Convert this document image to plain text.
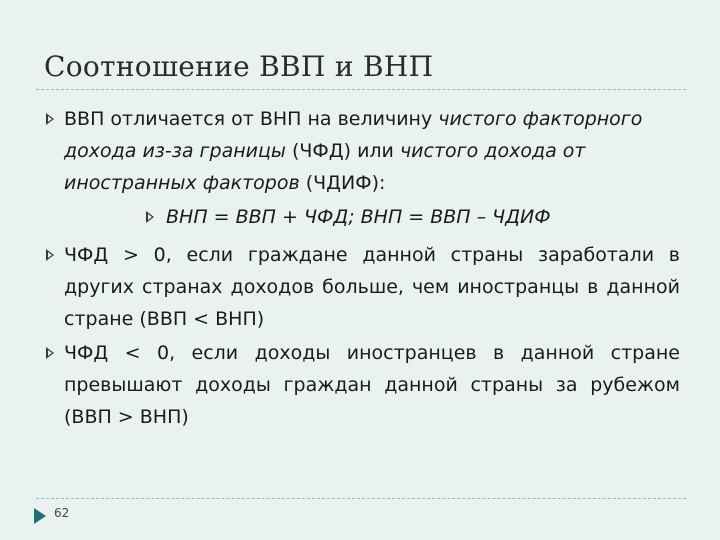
Соотношение ВВП и ВНП
ВВП отличается от ВНП на величину чистого факторного дохода из-за границы (ЧФД) или чистого дохода от иностранных факторов (ЧДИФ):
ВНП = ВВП + ЧФД; ВНП = ВВП – ЧДИФ
ЧФД > 0, если граждане данной страны заработали в других странах доходов больше, чем иностранцы в данной стране (ВВП < ВНП)
ЧФД < 0, если доходы иностранцев в данной стране превышают доходы граждан данной страны за рубежом (ВВП > ВНП)
62
